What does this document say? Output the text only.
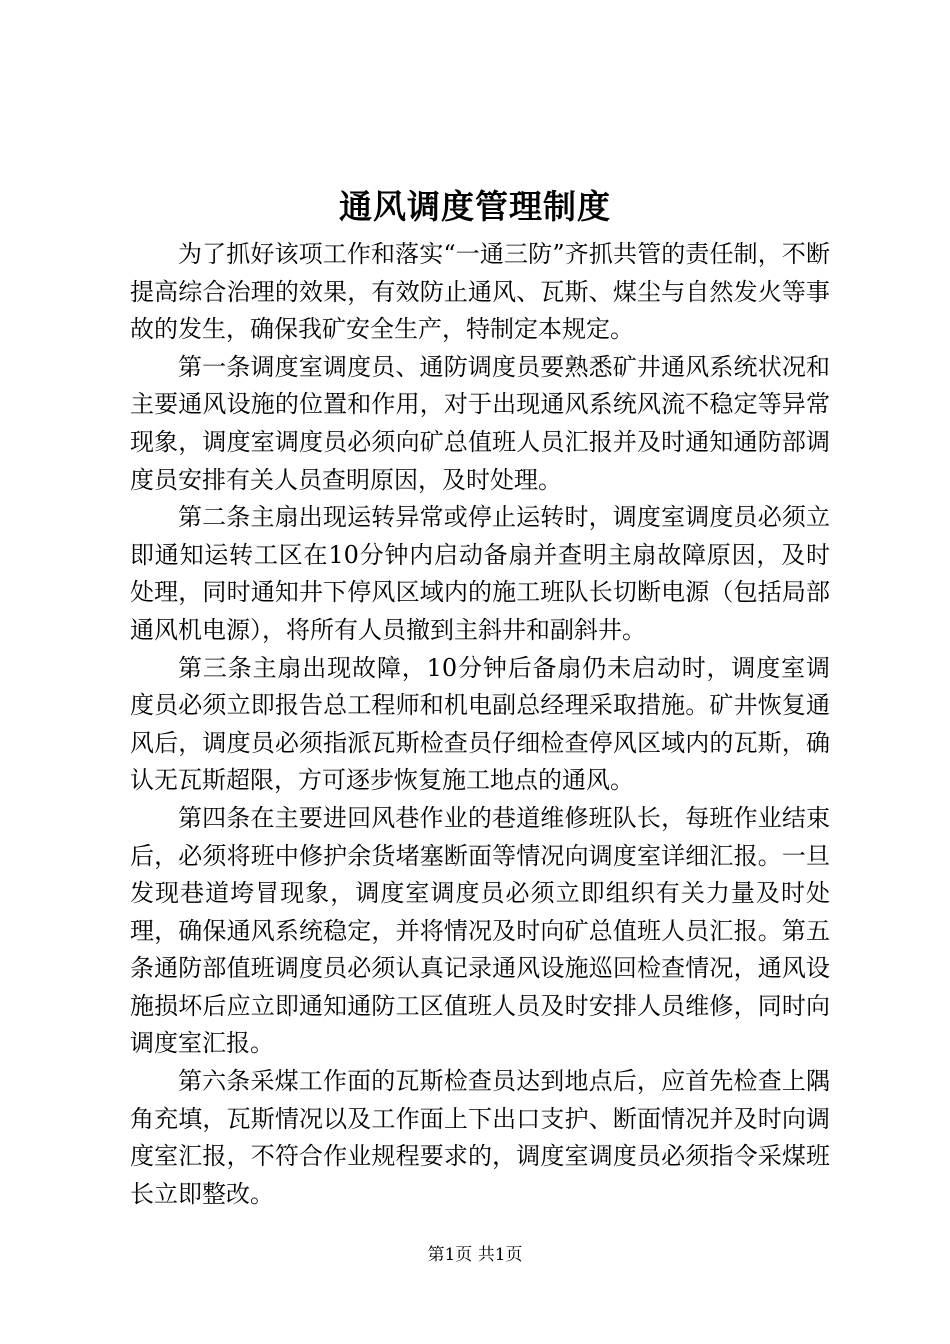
通风调度管理制度

为了抓好该项工作和落实“一通三防”齐抓共管的责任制，不断提高综合治理的效果，有效防止通风、瓦斯、煤尘与自然发火等事故的发生，确保我矿安全生产，特制定本规定。

第一条调度室调度员、通防调度员要熟悉矿井通风系统状况和主要通风设施的位置和作用，对于出现通风系统风流不稳定等异常现象，调度室调度员必须向矿总值班人员汇报并及时通知通防部调度员安排有关人员查明原因，及时处理。

第二条主扇出现运转异常或停止运转时，调度室调度员必须立即通知运转工区在10分钟内启动备扇并查明主扇故障原因，及时处理，同时通知井下停风区域内的施工班队长切断电源（包括局部通风机电源），将所有人员撤到主斜井和副斜井。

第三条主扇出现故障，10分钟后备扇仍未启动时，调度室调度员必须立即报告总工程师和机电副总经理采取措施。矿井恢复通风后，调度员必须指派瓦斯检查员仔细检查停风区域内的瓦斯，确认无瓦斯超限，方可逐步恢复施工地点的通风。

第四条在主要进回风巷作业的巷道维修班队长，每班作业结束后，必须将班中修护余货堵塞断面等情况向调度室详细汇报。一旦发现巷道垮冒现象，调度室调度员必须立即组织有关力量及时处理，确保通风系统稳定，并将情况及时向矿总值班人员汇报。第五条通防部值班调度员必须认真记录通风设施巡回检查情况，通风设施损坏后应立即通知通防工区值班人员及时安排人员维修，同时向调度室汇报。

第六条采煤工作面的瓦斯检查员达到地点后，应首先检查上隅角充填，瓦斯情况以及工作面上下出口支护、断面情况并及时向调度室汇报，不符合作业规程要求的，调度室调度员必须指令采煤班长立即整改。

第1页 共1页
